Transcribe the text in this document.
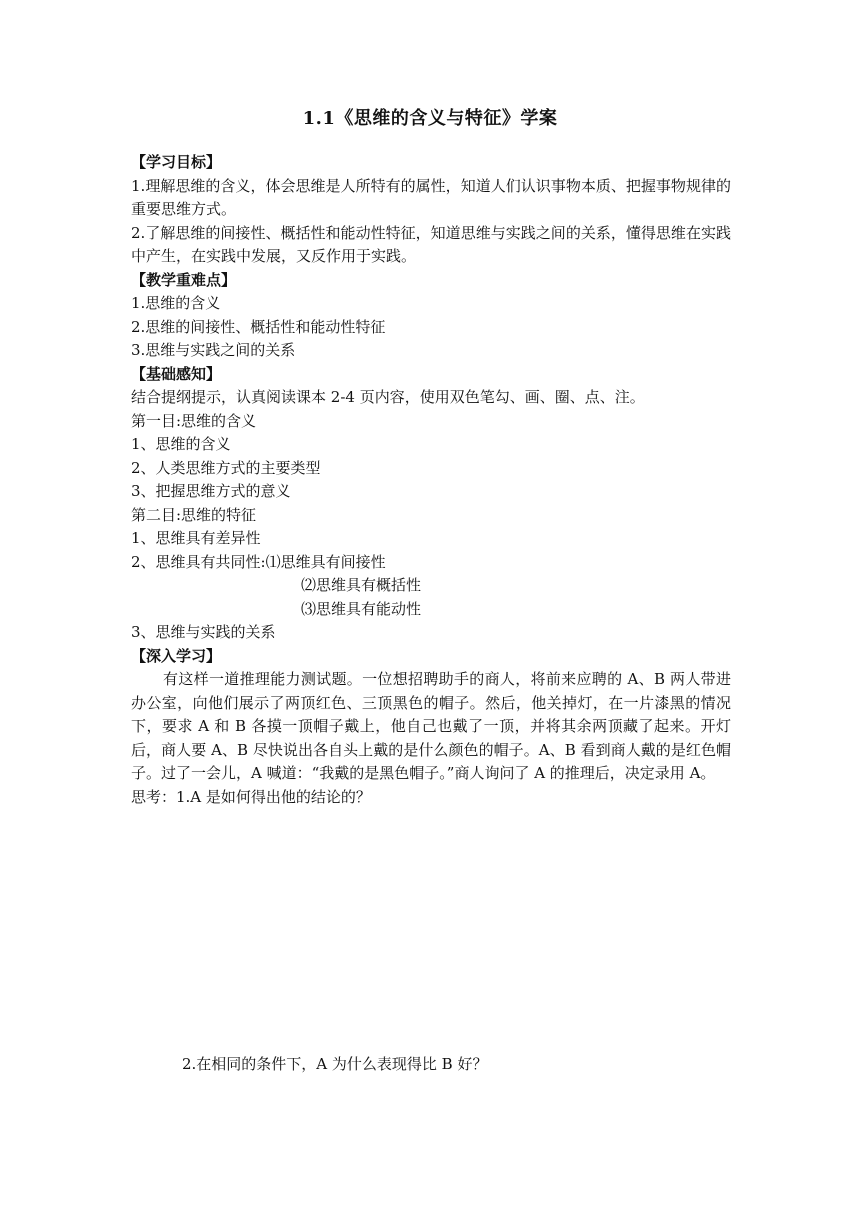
1.1《思维的含义与特征》学案
【学习目标】
1.理解思维的含义，体会思维是人所特有的属性，知道人们认识事物本质、把握事物规律的重要思维方式。
2.了解思维的间接性、概括性和能动性特征，知道思维与实践之间的关系，懂得思维在实践中产生，在实践中发展，又反作用于实践。
【教学重难点】
1.思维的含义
2.思维的间接性、概括性和能动性特征
3.思维与实践之间的关系
【基础感知】
结合提纲提示，认真阅读课本 2-4 页内容，使用双色笔勾、画、圈、点、注。
第一目:思维的含义
1、思维的含义
2、人类思维方式的主要类型
3、把握思维方式的意义
第二目:思维的特征
1、思维具有差异性
2、思维具有共同性:⑴思维具有间接性
⑵思维具有概括性
⑶思维具有能动性
3、思维与实践的关系
【深入学习】
有这样一道推理能力测试题。一位想招聘助手的商人，将前来应聘的 A、B 两人带进办公室，向他们展示了两顶红色、三顶黑色的帽子。然后，他关掉灯，在一片漆黑的情况下，要求 A 和 B 各摸一顶帽子戴上，他自己也戴了一顶，并将其余两顶藏了起来。开灯后，商人要 A、B 尽快说出各自头上戴的是什么颜色的帽子。A、B 看到商人戴的是红色帽子。过了一会儿，A 喊道：“我戴的是黑色帽子。”商人询问了 A 的推理后，决定录用 A。
思考：1.A 是如何得出他的结论的？
2.在相同的条件下，A 为什么表现得比 B 好？
